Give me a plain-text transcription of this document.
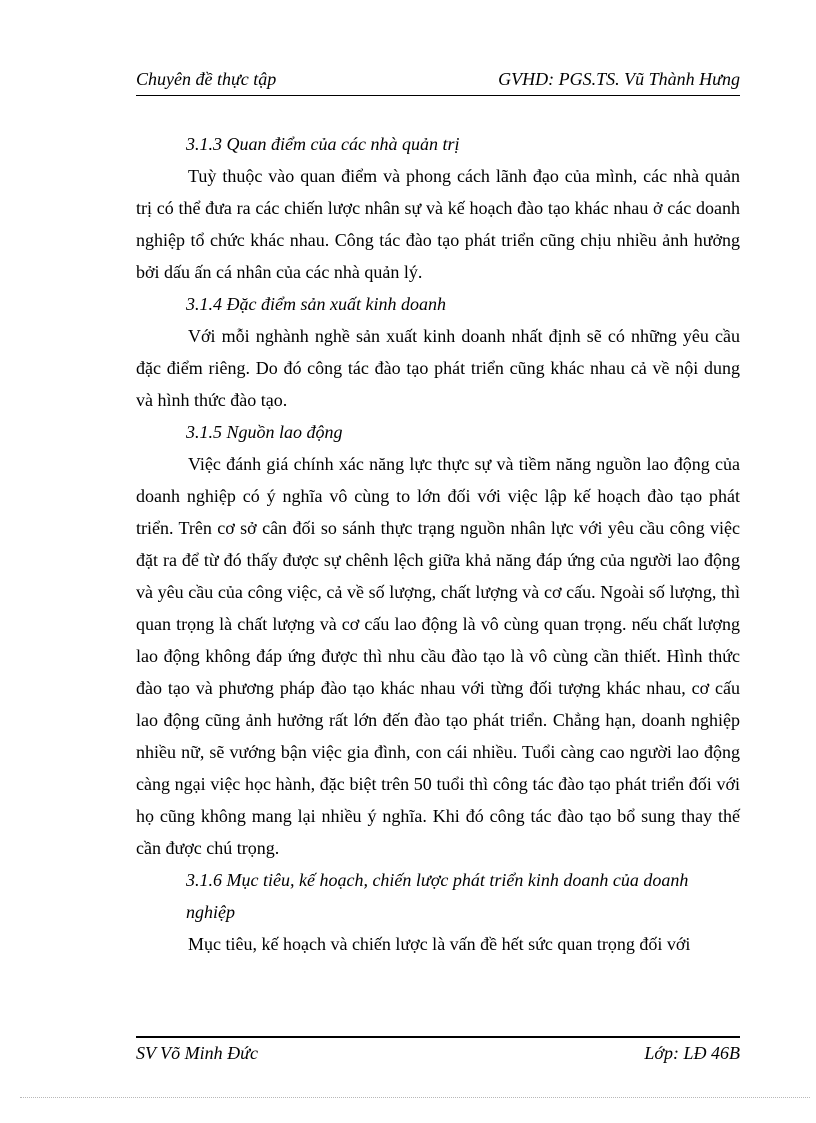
Chuyên đề thực tập	GVHD: PGS.TS. Vũ Thành Hưng

3.1.3 Quan điểm của các nhà quản trị

Tuỳ thuộc vào quan điểm và phong cách lãnh đạo của mình, các nhà quản trị có thể đưa ra các chiến lược nhân sự và kế hoạch đào tạo khác nhau ở các doanh nghiệp tổ chức khác nhau. Công tác đào tạo phát triển cũng chịu nhiều ảnh hưởng bởi dấu ấn cá nhân của các nhà quản lý.

3.1.4 Đặc điểm sản xuất kinh doanh

Với mỗi nghành nghề sản xuất kinh doanh nhất định sẽ có những yêu cầu đặc điểm riêng. Do đó công tác đào tạo phát triển cũng khác nhau cả về nội dung và hình thức đào tạo.

3.1.5 Nguồn lao động

Việc đánh giá chính xác năng lực thực sự và tiềm năng nguồn lao động của doanh nghiệp có ý nghĩa vô cùng to lớn đối với việc lập kế hoạch đào tạo phát triển. Trên cơ sở cân đối so sánh thực trạng nguồn nhân lực với yêu cầu công việc đặt ra để từ đó thấy được sự chênh lệch giữa khả năng đáp ứng của người lao động và yêu cầu của công việc, cả về số lượng, chất lượng và cơ cấu. Ngoài số lượng, thì quan trọng là chất lượng và cơ cấu lao động là vô cùng quan trọng. nếu chất lượng lao động không đáp ứng được thì nhu cầu đào tạo là vô cùng cần thiết. Hình thức đào tạo và phương pháp đào tạo khác nhau với từng đối tượng khác nhau, cơ cấu lao động cũng ảnh hưởng rất lớn đến đào tạo phát triển. Chẳng hạn, doanh nghiệp nhiều nữ, sẽ vướng bận việc gia đình, con cái nhiều. Tuổi càng cao người lao động càng ngại việc học hành, đặc biệt trên 50 tuổi thì công tác đào tạo phát triển đối với họ cũng không mang lại nhiều ý nghĩa. Khi đó công tác đào tạo bổ sung thay thế cần được chú trọng.

3.1.6 Mục tiêu, kế hoạch, chiến lược phát triển kinh doanh của doanh nghiệp

Mục tiêu, kế hoạch và chiến lược là vấn đề hết sức quan trọng đối với

SV Võ Minh Đức	Lớp: LĐ 46B
